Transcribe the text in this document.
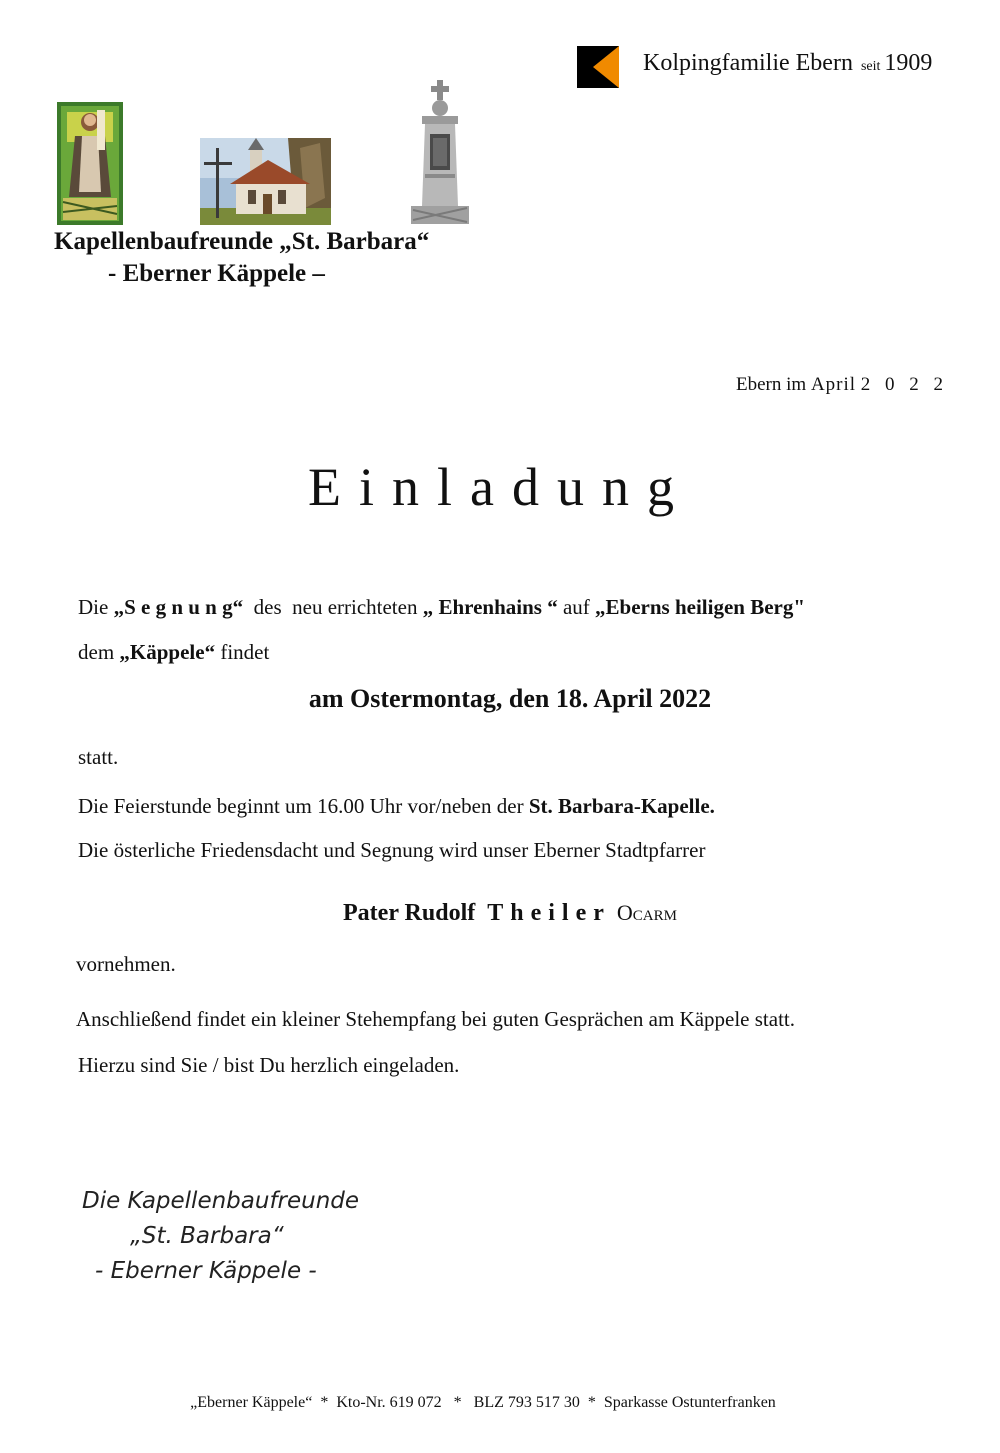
Kolpingfamilie Ebern seit 1909
Kapellenbaufreunde „St. Barbara“
- Eberner Käppele –
Ebern im April 2 0 2 2
Einladung
Die „S e g n u n g“  des  neu errichteten „ Ehrenhains “ auf „Eberns heiligen Berg"
dem „Käppele“ findet
am Ostermontag, den 18. April 2022
statt.
Die Feierstunde beginnt um 16.00 Uhr vor/neben der St. Barbara-Kapelle.
Die österliche Friedensdacht und Segnung wird unser Eberner Stadtpfarrer
Pater Rudolf  Theiler Ocarm
vornehmen.
Anschließend findet ein kleiner Stehempfang bei guten Gesprächen am Käppele statt.
Hierzu sind Sie / bist Du herzlich eingeladen.
Die Kapellenbaufreunde
„St. Barbara“
- Eberner Käppele -
„Eberner Käppele“  *  Kto-Nr. 619 072   *   BLZ 793 517 30  *  Sparkasse Ostunterfranken
